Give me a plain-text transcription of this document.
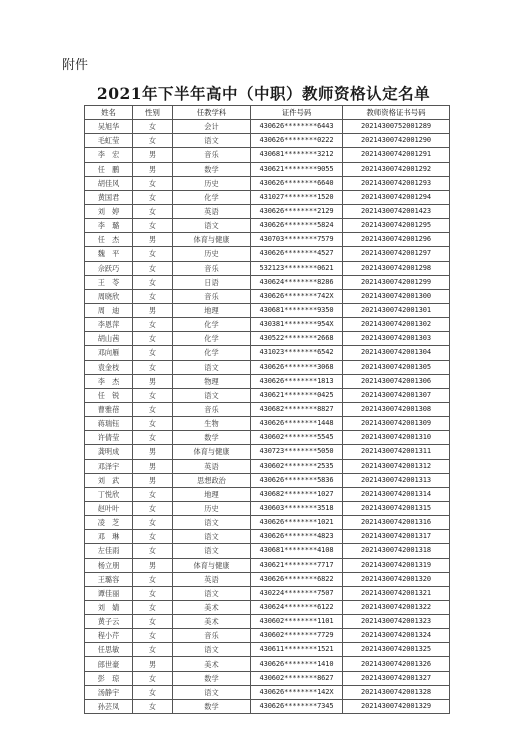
附件
2021年下半年高中（中职）教师资格认定名单
姓名	性别	任教学科	证件号码	教师资格证书号码
吴旭华	女	会计	430626********6443	20214300752001289
毛虹莹	女	语文	430626********0222	20214300742001290
李　宏	男	音乐	430681********3212	20214300742001291
任　鹏	男	数学	430621********9055	20214300742001292
胡佳风	女	历史	430626********6640	20214300742001293
黄国君	女	化学	431027********1520	20214300742001294
刘　婷	女	英语	430626********2129	20214300742001423
李　璐	女	语文	430626********5824	20214300742001295
任　杰	男	体育与健康	430703********7579	20214300742001296
魏　平	女	历史	430626********4527	20214300742001297
佘跃巧	女	音乐	532123********0621	20214300742001298
王　苓	女	日语	430624********8286	20214300742001299
周晓欣	女	音乐	430626********742X	20214300742001300
周　迪	男	地理	430681********9350	20214300742001301
李恩萍	女	化学	430381********954X	20214300742001302
胡山茜	女	化学	430522********2668	20214300742001303
邓向雁	女	化学	431023********6542	20214300742001304
袁金枝	女	语文	430626********3068	20214300742001305
李　杰	男	物理	430626********1813	20214300742001306
任　锐	女	语文	430621********0425	20214300742001307
曹雅蓓	女	音乐	430682********8827	20214300742001308
蒋瑞钰	女	生物	430626********1448	20214300742001309
许倩莹	女	数学	430602********5545	20214300742001310
龚明成	男	体育与健康	430723********5050	20214300742001311
邓泽宇	男	英语	430602********2535	20214300742001312
刘　武	男	思想政治	430626********5836	20214300742001313
丁悦欣	女	地理	430682********1027	20214300742001314
赵叶叶	女	历史	430603********3518	20214300742001315
凌　芝	女	语文	430626********1021	20214300742001316
邓　琳	女	语文	430626********4823	20214300742001317
左佳雨	女	语文	430681********4108	20214300742001318
杨立朋	男	体育与健康	430621********7717	20214300742001319
王璐容	女	英语	430626********6822	20214300742001320
谭佳丽	女	语文	430224********7507	20214300742001321
刘　婧	女	美术	430624********6122	20214300742001322
黄子云	女	美术	430602********1101	20214300742001323
程小芹	女	音乐	430602********7729	20214300742001324
任思敏	女	语文	430611********1521	20214300742001325
郎世豪	男	美术	430626********1410	20214300742001326
彭　琼	女	数学	430602********8627	20214300742001327
汤静宇	女	语文	430626********142X	20214300742001328
孙芸凤	女	数学	430626********7345	20214300742001329
